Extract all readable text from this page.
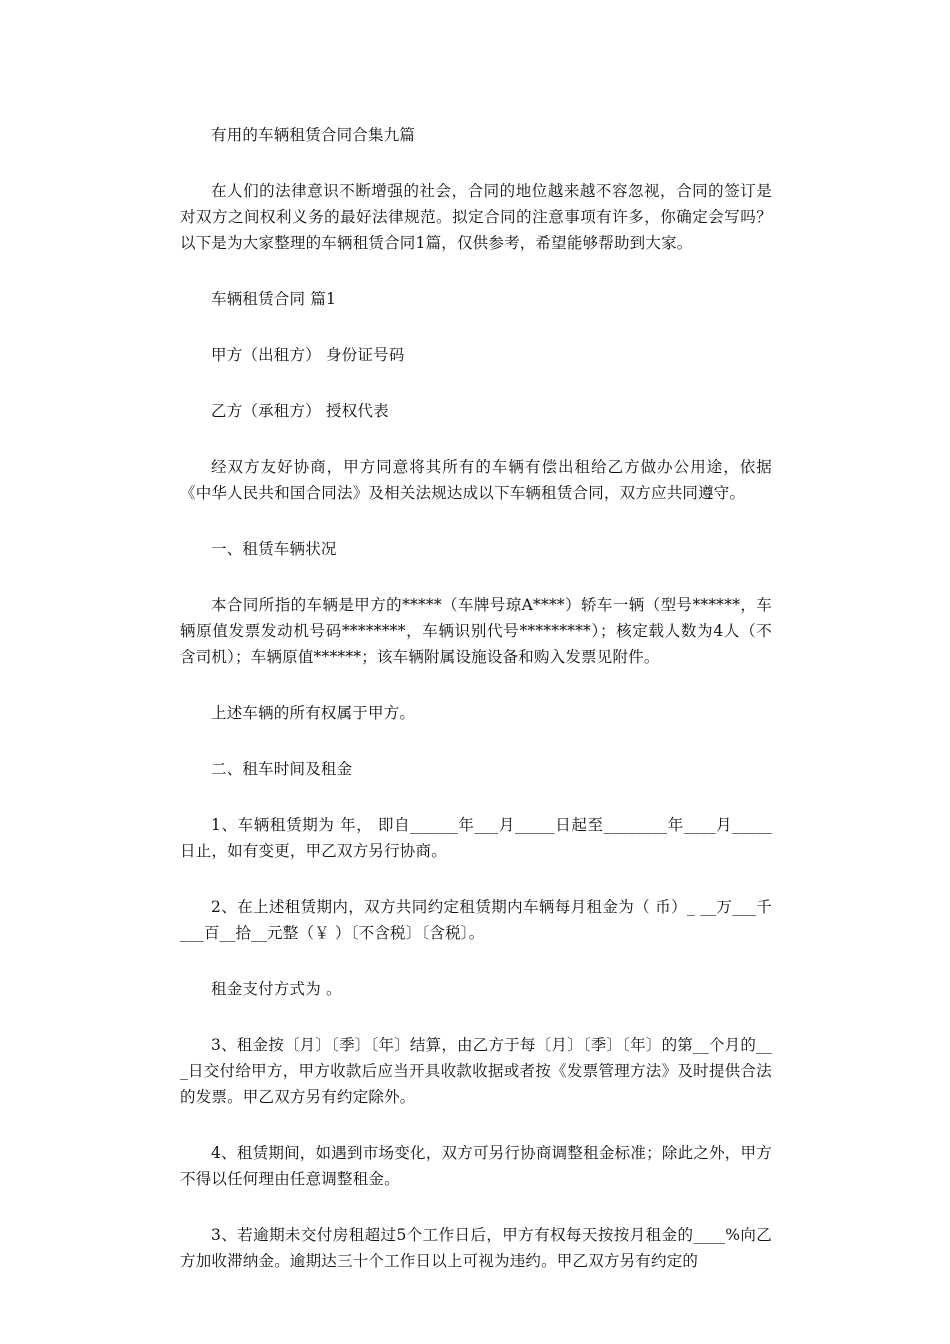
有用的车辆租赁合同合集九篇

在人们的法律意识不断增强的社会，合同的地位越来越不容忽视，合同的签订是对双方之间权利义务的最好法律规范。拟定合同的注意事项有许多，你确定会写吗？以下是为大家整理的车辆租赁合同1篇，仅供参考，希望能够帮助到大家。

车辆租赁合同 篇1

甲方（出租方） 身份证号码

乙方（承租方） 授权代表

经双方友好协商，甲方同意将其所有的车辆有偿出租给乙方做办公用途，依据《中华人民共和国合同法》及相关法规达成以下车辆租赁合同，双方应共同遵守。

一、租赁车辆状况

本合同所指的车辆是甲方的*****（车牌号琼A****）轿车一辆（型号******，车辆原值发票发动机号码********，车辆识别代号*********）；核定载人数为4人（不含司机）；车辆原值******；该车辆附属设施设备和购入发票见附件。

上述车辆的所有权属于甲方。

二、租车时间及租金

1、车辆租赁期为 年， 即自______年___月_____日起至________年____月_____日止，如有变更，甲乙双方另行协商。

2、在上述租赁期内，双方共同约定租赁期内车辆每月租金为（ 币）_ __万___千___百__拾__元整（￥ ）〔不含税〕〔含税〕。

租金支付方式为 。

3、租金按〔月〕〔季〕〔年〕结算，由乙方于每〔月〕〔季〕〔年〕的第__个月的___日交付给甲方，甲方收款后应当开具收款收据或者按《发票管理方法》及时提供合法的发票。甲乙双方另有约定除外。

4、租赁期间，如遇到市场变化，双方可另行协商调整租金标准；除此之外，甲方不得以任何理由任意调整租金。

3、若逾期未交付房租超过5个工作日后，甲方有权每天按按月租金的____%向乙方加收滞纳金。逾期达三十个工作日以上可视为违约。甲乙双方另有约定的
